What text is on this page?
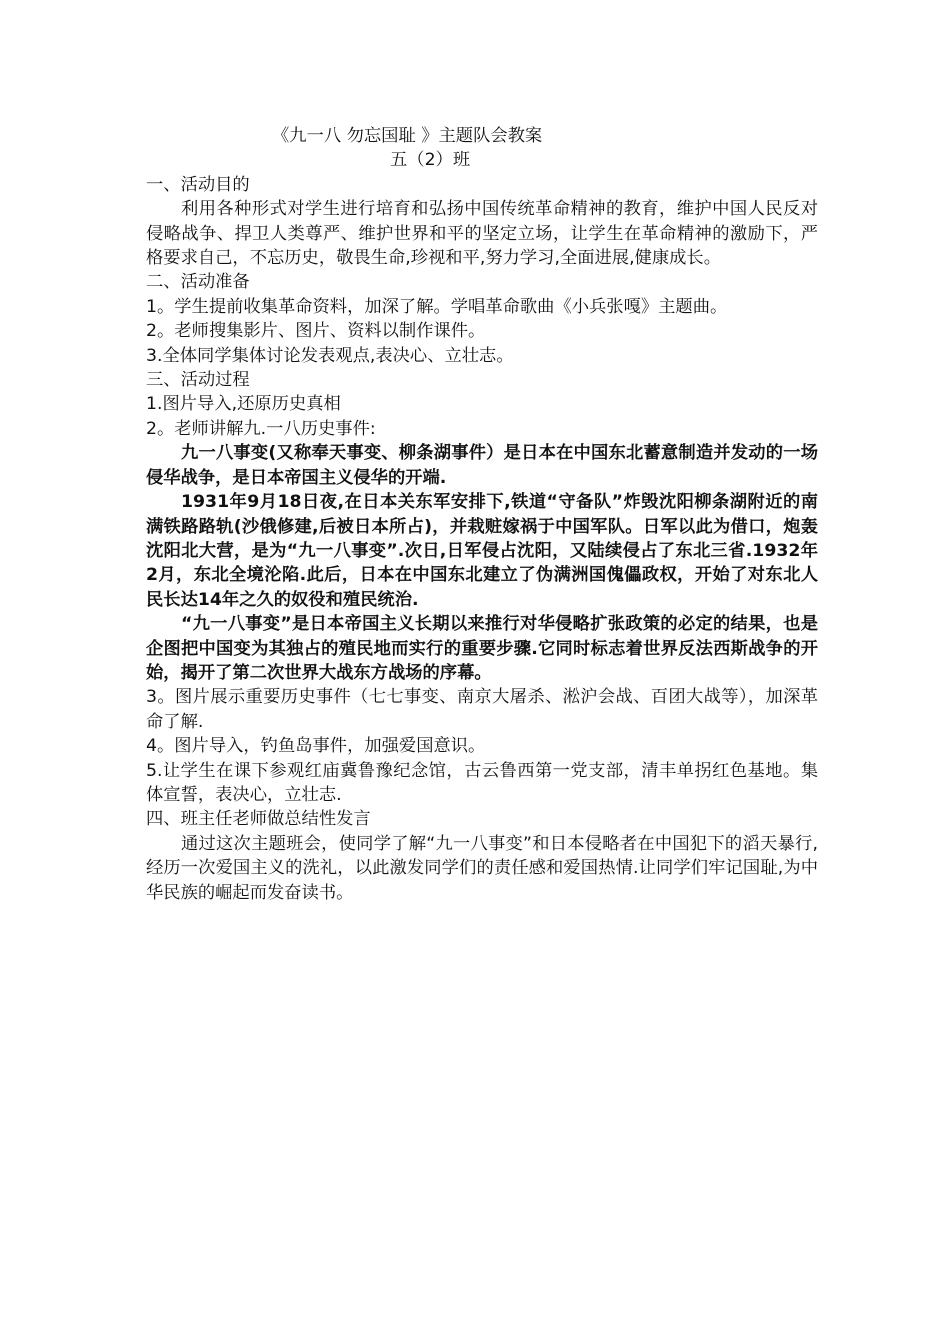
《九一八 勿忘国耻 》主题队会教案

五（2）班

一、活动目的

利用各种形式对学生进行培育和弘扬中国传统革命精神的教育，维护中国人民反对侵略战争、捍卫人类尊严、维护世界和平的坚定立场，让学生在革命精神的激励下，严格要求自己，不忘历史，敬畏生命,珍视和平,努力学习,全面进展,健康成长。

二、活动准备

1。学生提前收集革命资料，加深了解。学唱革命歌曲《小兵张嘎》主题曲。

2。老师搜集影片、图片、资料以制作课件。

3.全体同学集体讨论发表观点,表决心、立壮志。

三、活动过程

1.图片导入,还原历史真相

2。老师讲解九.一八历史事件:

九一八事变(又称奉天事变、柳条湖事件）是日本在中国东北蓄意制造并发动的一场侵华战争，是日本帝国主义侵华的开端.

1931年9月18日夜,在日本关东军安排下,铁道“守备队”炸毁沈阳柳条湖附近的南满铁路路轨(沙俄修建,后被日本所占)，并栽赃嫁祸于中国军队。日军以此为借口，炮轰沈阳北大营，是为“九一八事变”.次日,日军侵占沈阳，又陆续侵占了东北三省.1932年2月，东北全境沦陷.此后，日本在中国东北建立了伪满洲国傀儡政权，开始了对东北人民长达14年之久的奴役和殖民统治.

“九一八事变”是日本帝国主义长期以来推行对华侵略扩张政策的必定的结果，也是企图把中国变为其独占的殖民地而实行的重要步骤.它同时标志着世界反法西斯战争的开始，揭开了第二次世界大战东方战场的序幕。

3。图片展示重要历史事件（七七事变、南京大屠杀、淞沪会战、百团大战等），加深革命了解.

4。图片导入，钓鱼岛事件，加强爱国意识。

5.让学生在课下参观红庙冀鲁豫纪念馆，古云鲁西第一党支部，清丰单拐红色基地。集体宣誓，表决心，立壮志.

四、班主任老师做总结性发言

通过这次主题班会，使同学了解“九一八事变”和日本侵略者在中国犯下的滔天暴行,经历一次爱国主义的洗礼，以此激发同学们的责任感和爱国热情.让同学们牢记国耻,为中华民族的崛起而发奋读书。
